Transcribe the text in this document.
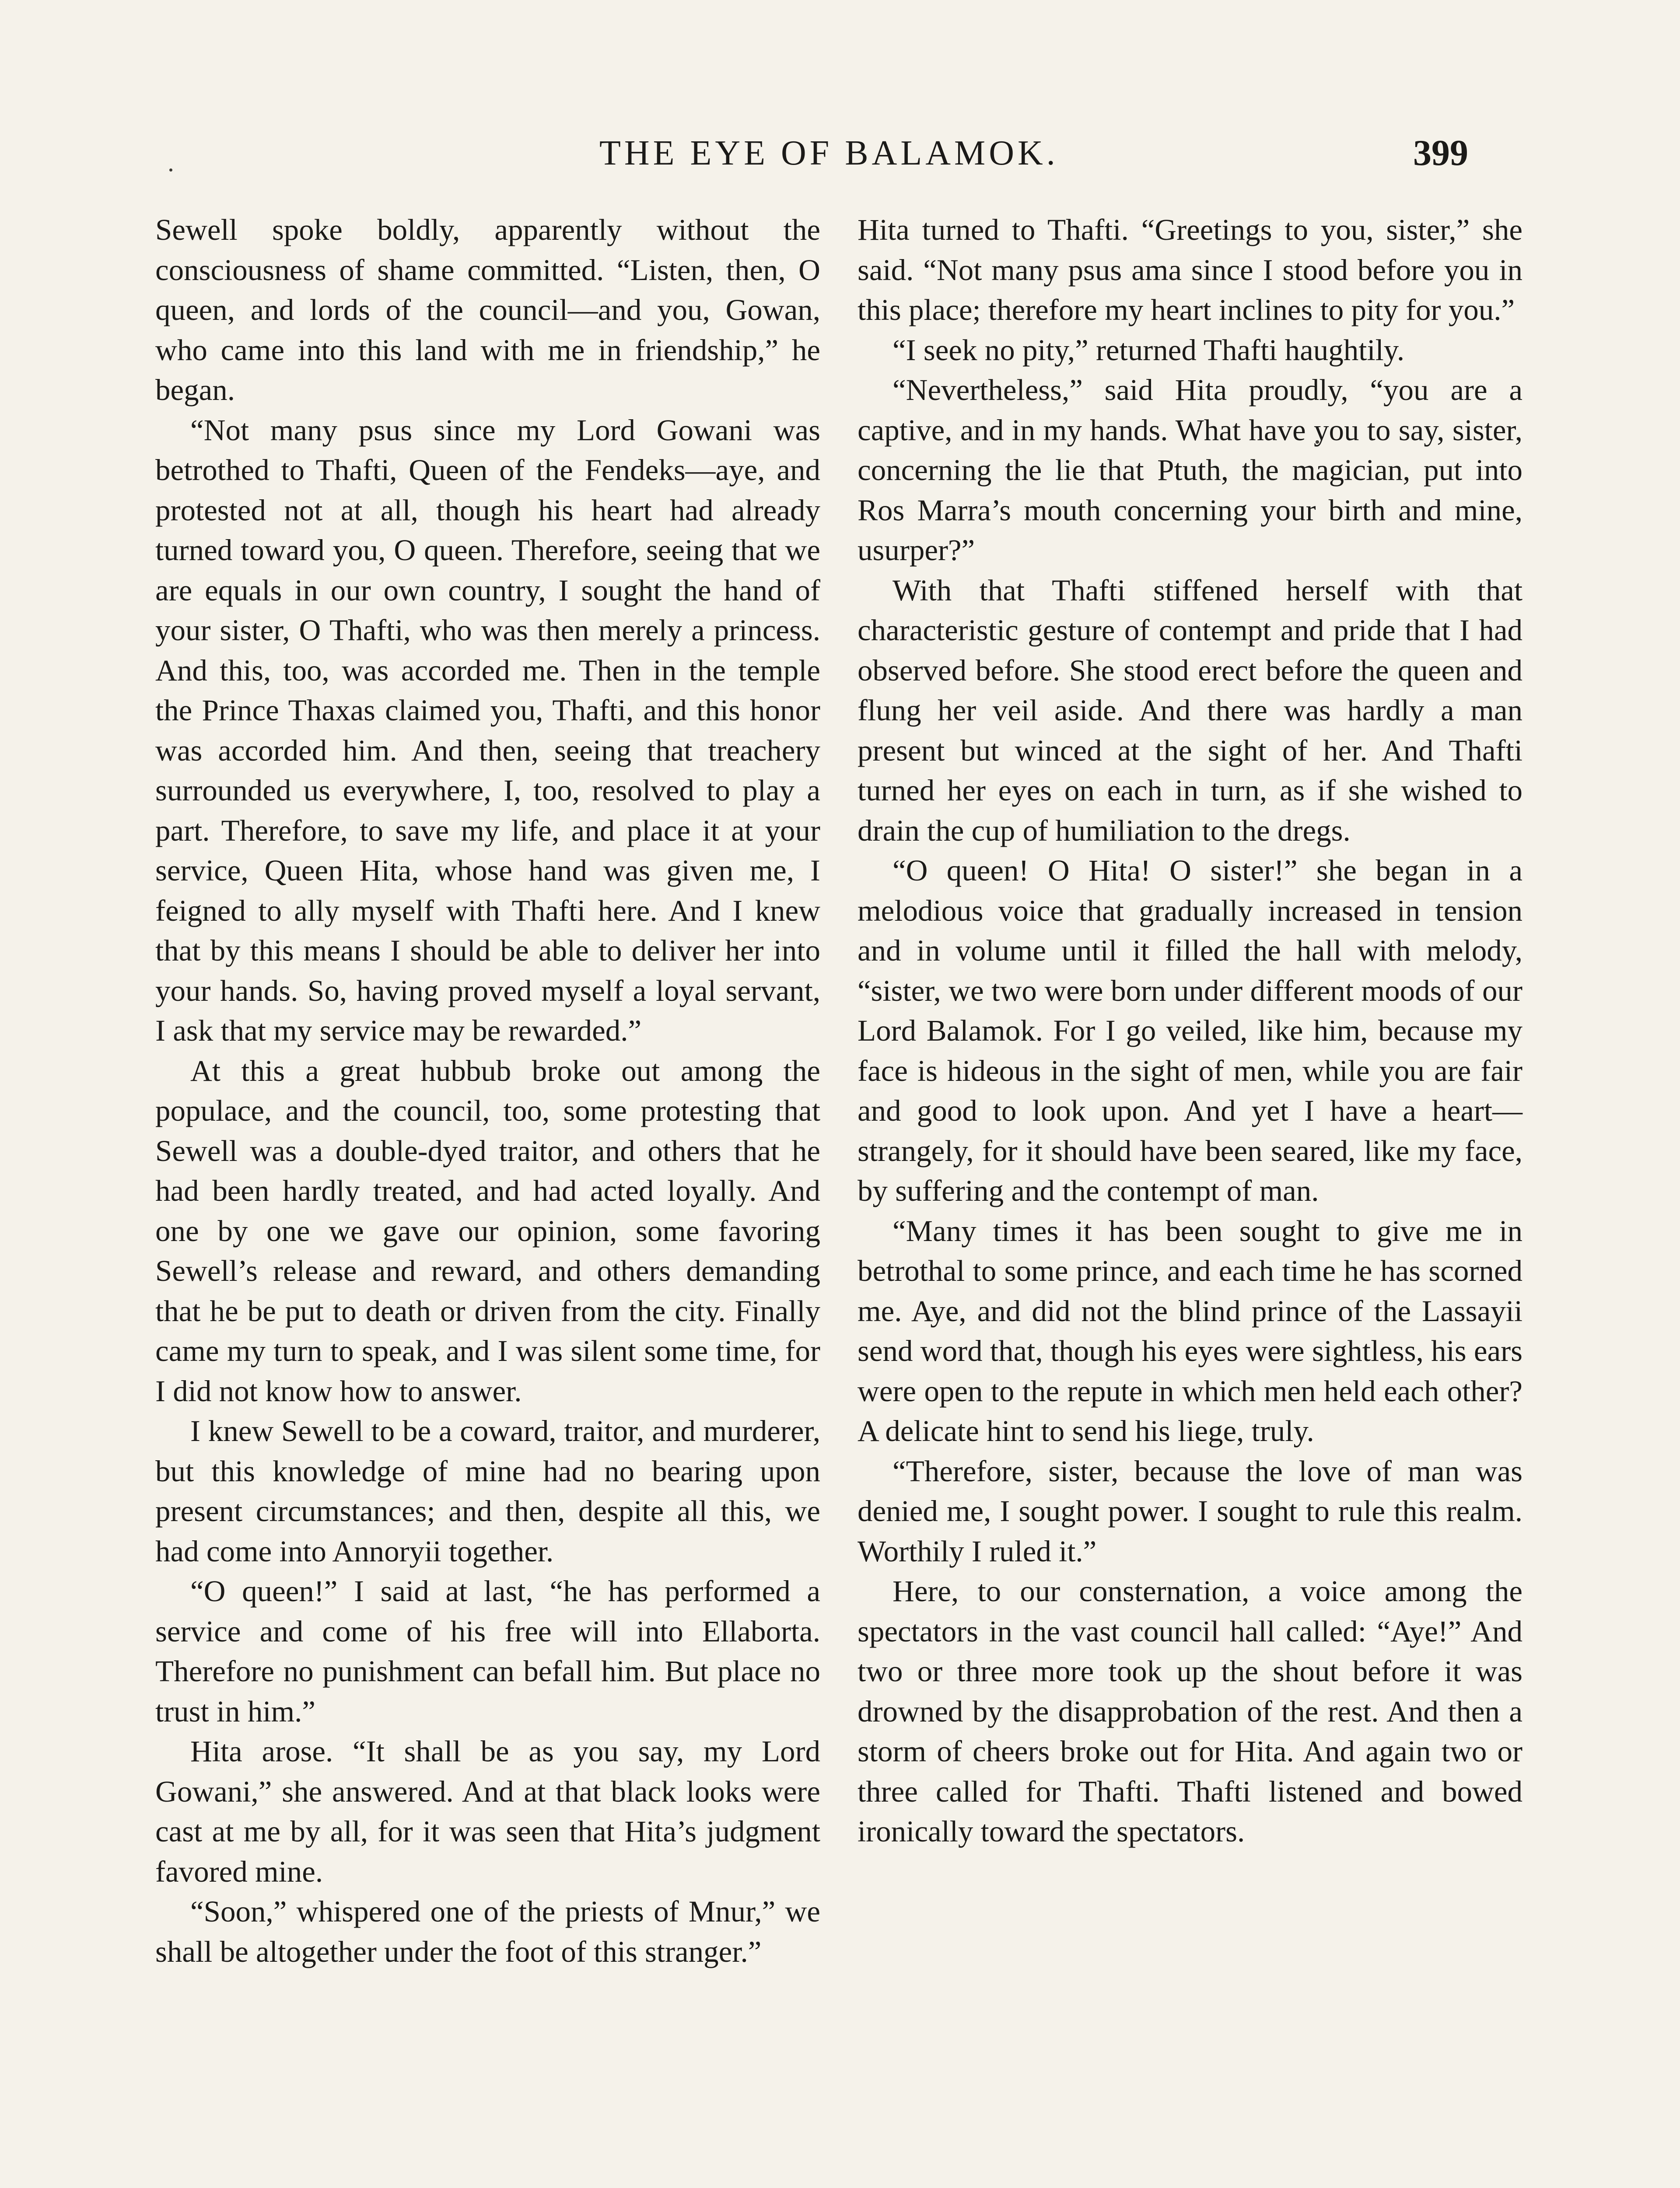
THE EYE OF BALAMOK.	399

Sewell spoke boldly, apparently without the consciousness of shame committed. “Listen, then, O queen, and lords of the council—and you, Gowan, who came into this land with me in friendship,” he began.

“Not many psus since my Lord Gowani was betrothed to Thafti, Queen of the Fendeks—aye, and protested not at all, though his heart had already turned toward you, O queen. Therefore, seeing that we are equals in our own country, I sought the hand of your sister, O Thafti, who was then merely a princess. And this, too, was accorded me. Then in the temple the Prince Thaxas claimed you, Thafti, and this honor was accorded him. And then, seeing that treachery surrounded us everywhere, I, too, resolved to play a part. Therefore, to save my life, and place it at your service, Queen Hita, whose hand was given me, I feigned to ally myself with Thafti here. And I knew that by this means I should be able to deliver her into your hands. So, having proved myself a loyal servant, I ask that my service may be rewarded.”

At this a great hubbub broke out among the populace, and the council, too, some protesting that Sewell was a double-dyed traitor, and others that he had been hardly treated, and had acted loyally. And one by one we gave our opinion, some favoring Sewell’s release and reward, and others demanding that he be put to death or driven from the city. Finally came my turn to speak, and I was silent some time, for I did not know how to answer.

I knew Sewell to be a coward, traitor, and murderer, but this knowledge of mine had no bearing upon present circumstances; and then, despite all this, we had come into Annoryii together.

“O queen!” I said at last, “he has performed a service and come of his free will into Ellaborta. Therefore no punishment can befall him. But place no trust in him.”

Hita arose. “It shall be as you say, my Lord Gowani,” she answered. And at that black looks were cast at me by all, for it was seen that Hita’s judgment favored mine.

“Soon,” whispered one of the priests of Mnur,” we shall be altogether under the foot of this stranger.”

Hita turned to Thafti. “Greetings to you, sister,” she said. “Not many psus ama since I stood before you in this place; therefore my heart inclines to pity for you.”

“I seek no pity,” returned Thafti haughtily.

“Nevertheless,” said Hita proudly, “you are a captive, and in my hands. What have you to say, sister, concerning the lie that Ptuth, the magician, put into Ros Marra’s mouth concerning your birth and mine, usurper?”

With that Thafti stiffened herself with that characteristic gesture of contempt and pride that I had observed before. She stood erect before the queen and flung her veil aside. And there was hardly a man present but winced at the sight of her. And Thafti turned her eyes on each in turn, as if she wished to drain the cup of humiliation to the dregs.

“O queen! O Hita! O sister!” she began in a melodious voice that gradually increased in tension and in volume until it filled the hall with melody, “sister, we two were born under different moods of our Lord Balamok. For I go veiled, like him, because my face is hideous in the sight of men, while you are fair and good to look upon. And yet I have a heart—strangely, for it should have been seared, like my face, by suffering and the contempt of man.

“Many times it has been sought to give me in betrothal to some prince, and each time he has scorned me. Aye, and did not the blind prince of the Lassayii send word that, though his eyes were sightless, his ears were open to the repute in which men held each other? A delicate hint to send his liege, truly.

“Therefore, sister, because the love of man was denied me, I sought power. I sought to rule this realm. Worthily I ruled it.”

Here, to our consternation, a voice among the spectators in the vast council hall called: “Aye!” And two or three more took up the shout before it was drowned by the disapprobation of the rest. And then a storm of cheers broke out for Hita. And again two or three called for Thafti. Thafti listened and bowed ironically toward the spectators.
